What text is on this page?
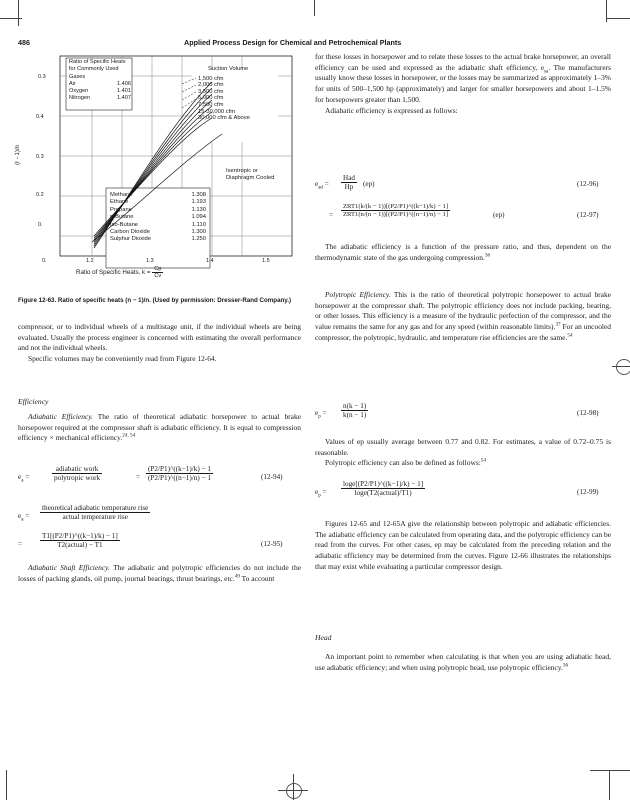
486	Applied Process Design for Chemical and Petrochemical Plants
(r - 1)/n
0.3
0.4
0.3
0.2
0.
0.
Ratio of Specific Heats for Commonly Used Gases
Air	1.406
Oxygen	1.401
Nitrogen	1.407
Suction Volume
1,500 cfm
2,000 cfm
3,500 cfm
5,000 cfm
7,500 cfm
15-30,000 cfm
30,000 cfm & Above
Isentropic or Diaphragm Cooled
Methane	1.308
Ethane	1.193
Propane	1.130
n-Butane	1.094
Iso-Butane	1.110
Carbon Dioxide	1.300
Sulphur Dioxide	1.250
1.2	1.3	1.4	1.5
Ratio of Specific Heats, $k = \frac{Cp}{Cv}$
Figure 12-63. Ratio of specific heats (n − 1)/n. (Used by permission: Dresser-Rand Company.)

compressor, or to individual wheels of a multistage unit, if the individual wheels are being evaluated. Usually the process engineer is concerned with estimating the overall performance and not the individual wheels.

Specific volumes may be conveniently read from Figure 12-64.

Efficiency

Adiabatic Efficiency. The ratio of theoretical adiabatic horsepower to actual brake horsepower required at the compressor shaft is adiabatic efficiency. It is equal to compression efficiency × mechanical efficiency.$^{24, 54}$

$e_a$ =	$\frac{\text{adiabatic work}}{\text{polytropic work}}$	= $\frac{(P2/P1)\^{}((k-1)/k) - 1}{(P2/P1)\^{}((n-1)/n) - 1}$	(12-94)
$e_a = \frac{\text{theoretical adiabatic temperature rise}}{\text{actual temperature rise}}$
= $\frac{T1[(P2/P1)\^{}((k-1)/k) - 1]}{\text{T2(actual) − T1}}$	(12-95)

Adiabatic Shaft Efficiency. The adiabatic and polytropic efficiencies do not include the losses of packing glands, oil pump, journal bearings, thrust bearings, etc.$^{49}$ To account

for these losses in horsepower and to relate these losses to the actual brake horsepower, an overall efficiency can be used and expressed as the adiabatic shaft efficiency, $e_{sa}$. The manufacturers usually know these losses in horsepower, or the losses may be summarized as approximately 1–3% for units of 500–1,500 hp (approximately) and larger for smaller horsepowers and about 1–1.5% for horsepowers greater than 1,500.

Adiabatic efficiency is expressed as follows:

$e_{ad} = \frac{\text{Had}}{Hp} (ep)$	(12-96)
= $\frac{\text{ZRT1(k/(k − 1))[(P2/P1)\textasciicircum{}((k−1)/k) − 1]}}{\text{ZRT1(n/(n − 1))[(P2/P1)\textasciicircum{}((n−1)/n) − 1]}}$	(ep)	(12-97)

The adiabatic efficiency is a function of the pressure ratio, and thus, dependent on the thermodynamic state of the gas undergoing compression.$^{36}$

Polytropic Efficiency. This is the ratio of theoretical polytropic horsepower to actual brake horsepower at the compressor shaft. The polytropic efficiency does not include packing, bearing, or other losses. This efficiency is a measure of the hydraulic perfection of the compressor, and the value remains the same for any gas and for any speed (within reasonable limits).$^{37}$ For an uncooled compressor, the polytropic, hydraulic, and temperature rise efficiencies are the same.$^{54}$

$e_p = \frac{n(k - 1)}{k(n - 1)}$	(12-98)

Values of ep usually average between 0.77 and 0.82. For estimates, a value of 0.72–0.75 is reasonable.

Polytropic efficiency can also be defined as follows:$^{54}$

$e_p = \frac{\log e[(P2/P1)\^{}((k-1)/k) - 1]}{\text{loge(T2(actual)/T1)}}$	(12-99)

Figures 12-65 and 12-65A give the relationship between polytropic and adiabatic efficiencies. The adiabatic efficiency can be calculated from operating data, and the polytropic efficiency can be read from the curves. For other cases, ep may be calculated from the preceding relation and the adiabatic efficiency may be determined from the curves. Figure 12-66 illustrates the relationships that may exist while evaluating a particular compressor design.

Head

An important point to remember when calculating is that when you are using adiabatic head, use adiabatic efficiency; and when using polytropic head, use polytropic efficiency.$^{36}$
